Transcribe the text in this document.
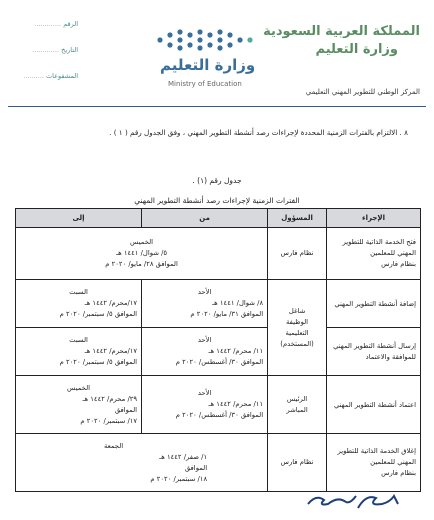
المملكة العربية السعودية
وزارة التعليم
المركز الوطني للتطوير المهني التعليمي
الرقم .............
التاريخ .............
المشفوعات ..........
وزارة التعليم
Ministry of Education
٨ . الالتزام بالفترات الزمنية المحددة لإجراءات رصد أنشطة التطوير المهني ، وفق الجدول رقم ( ١ ) .
جدول رقم (١) .
الفترات الزمنية لإجراءات رصد أنشطة التطوير المهني
الإجراء	المسؤول	من	إلى

فتح الخدمة الذاتية للتطوير
المهني للمعلمين
بنظام فارس	نظام فارس	الخميس
٥/ شوال/ ١٤٤١ هـ
الموافق ٢٨/ مايو/ ٢٠٢٠ م	

إضافة أنشطة التطوير المهني	شاغل
الوظيفة
التعليمية
(المستخدم)	الأحد
٨/ شوال/ ١٤٤١ هـ
الموافق ٣١/ مايو/ ٢٠٢٠ م	السبت
١٧/محرم/ ١٤٤٢ هـ
الموافق ٥/ سبتمبر/ ٢٠٢٠ م

إرسال أنشطة التطوير المهني
للموافقة والاعتماد		الأحد
١١/ محرم/ ١٤٤٢ هـ
الموافق ٣٠/ أغسطس/ ٢٠٢٠ م	السبت
١٧/محرم/ ١٤٤٢ هـ
الموافق ٥/ سبتمبر/ ٢٠٢٠ م

اعتماد أنشطة التطوير المهني	الرئيس
المباشر	الأحد
١١/ محرم/ ١٤٤٢ هـ
الموافق ٣٠/ أغسطس/ ٢٠٢٠ م	الخميس
٢٩/ محرم/ ١٤٤٢ هـ
الموافق
١٧/ سبتمبر/ ٢٠٢٠ م

إغلاق الخدمة الذاتية للتطوير
المهني للمعلمين
بنظام فارس	نظام فارس	الجمعة
١/ صفر/ ١٤٤٢ هـ
الموافق
١٨/ سبتمبر/ ٢٠٢٠ م	
